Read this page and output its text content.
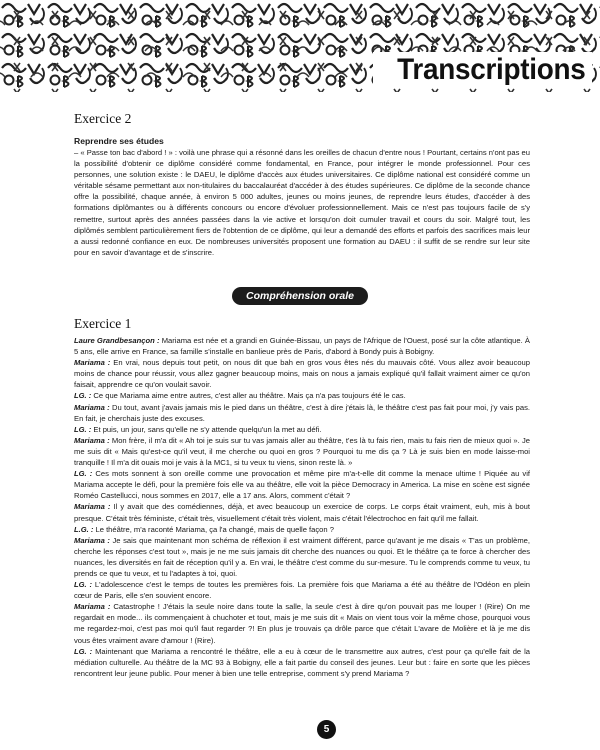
Transcriptions

Exercice 2

Reprendre ses études

– « Passe ton bac d'abord ! » : voilà une phrase qui a résonné dans les oreilles de chacun d'entre nous ! Pourtant, certains n'ont pas eu la possibilité d'obtenir ce diplôme considéré comme fondamental, en France, pour intégrer le monde professionnel. Pour ces personnes, une solution existe : le DAEU, le diplôme d'accès aux études universitaires. Ce diplôme national est considéré comme un véritable sésame permettant aux non-titulaires du baccalauréat d'accéder à des études supérieures. Ce diplôme de la seconde chance offre la possibilité, chaque année, à environ 5 000 adultes, jeunes ou moins jeunes, de reprendre leurs études, d'accéder à des formations diplômantes ou à différents concours ou encore d'évoluer professionnellement. Mais ce n'est pas toujours facile de s'y remettre, surtout après des années passées dans la vie active et lorsqu'on doit cumuler travail et cours du soir. Malgré tout, les diplômés semblent particulièrement fiers de l'obtention de ce diplôme, qui leur a demandé des efforts et parfois des sacrifices mais leur a aussi redonné confiance en eux. De nombreuses universités proposent une formation au DAEU : il suffit de se rendre sur leur site pour en savoir d'avantage et de s'inscrire.

Compréhension orale

Exercice 1

Laure Grandbesançon : Mariama est née et a grandi en Guinée-Bissau, un pays de l'Afrique de l'Ouest, posé sur la côte atlantique. À 5 ans, elle arrive en France, sa famille s'installe en banlieue près de Paris, d'abord à Bondy puis à Bobigny.

Mariama : En vrai, nous depuis tout petit, on nous dit que bah en gros vous êtes nés du mauvais côté. Vous allez avoir beaucoup moins de chance pour réussir, vous allez gagner beaucoup moins, mais on nous a jamais expliqué qu'il fallait vraiment aimer ce qu'on faisait, apprendre ce qu'on voulait savoir.

LG. : Ce que Mariama aime entre autres, c'est aller au théâtre. Mais ça n'a pas toujours été le cas.

Mariama : Du tout, avant j'avais jamais mis le pied dans un théâtre, c'est à dire j'étais là, le théâtre c'est pas fait pour moi, j'y vais pas. En fait, je cherchais juste des excuses.

LG. : Et puis, un jour, sans qu'elle ne s'y attende quelqu'un la met au défi.

Mariama : Mon frère, il m'a dit « Ah toi je suis sur tu vas jamais aller au théâtre, t'es là tu fais rien, mais tu fais rien de mieux quoi ». Je me suis dit « Mais qu'est-ce qu'il veut, il me cherche ou quoi en gros ? Pourquoi tu me dis ça ? Là je suis bien en mode laisse-moi tranquille ! Il m'a dit ouais moi je vais à la MC1, si tu veux tu viens, sinon reste là. »

LG. : Ces mots sonnent à son oreille comme une provocation et même pire m'a-t-elle dit comme la menace ultime ! Piquée au vif Mariama accepte le défi, pour la première fois elle va au théâtre, elle voit la pièce Democracy in America. La mise en scène est signée Roméo Castellucci, nous sommes en 2017, elle a 17 ans. Alors, comment c'était ?

Mariama : Il y avait que des comédiennes, déjà, et avec beaucoup un exercice de corps. Le corps était vraiment, euh, mis à bout presque. C'était très féministe, c'était très, visuellement c'était très violent, mais c'était l'électrochoc en fait qu'il me fallait.

L.G. : Le théâtre, m'a raconté Mariama, ça l'a changé, mais de quelle façon ?

Mariama : Je sais que maintenant mon schéma de réflexion il est vraiment différent, parce qu'avant je me disais « T'as un problème, cherche les réponses c'est tout », mais je ne me suis jamais dit cherche des nuances ou quoi. Et le théâtre ça te force à chercher des nuances, les diversités en fait de réception qu'il y a. En vrai, le théâtre c'est comme du sur-mesure. Tu le comprends comme tu veux, tu prends ce que tu veux, et tu l'adaptes à toi, quoi.

LG. : L'adolescence c'est le temps de toutes les premières fois. La première fois que Mariama a été au théâtre de l'Odéon en plein cœur de Paris, elle s'en souvient encore.

Mariama : Catastrophe ! J'étais la seule noire dans toute la salle, la seule c'est à dire qu'on pouvait pas me louper ! (Rire) On me regardait en mode... ils commençaient à chuchoter et tout, mais je me suis dit « Mais on vient tous voir la même chose, pourquoi vous me regardez-moi, c'est pas moi qu'il faut regarder ?! En plus je trouvais ça drôle parce que c'était L'avare de Molière et là je me dis vous êtes vraiment avare d'amour ! (Rire).

LG. : Maintenant que Mariama a rencontré le théâtre, elle a eu à cœur de le transmettre aux autres, c'est pour ça qu'elle fait de la médiation culturelle. Au théâtre de la MC 93 à Bobigny, elle a fait partie du conseil des jeunes. Leur but : faire en sorte que les pièces rencontrent leur jeune public. Pour mener à bien une telle entreprise, comment s'y prend Mariama ?

5
